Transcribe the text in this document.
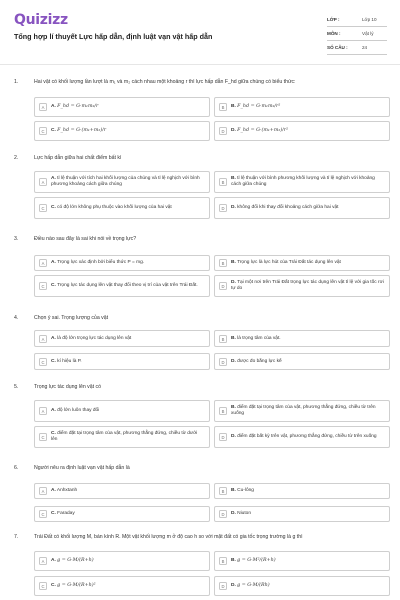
Quizizz
Tổng hợp lí thuyết Lực hấp dẫn, định luật vạn vật hấp dẫn
LỚP :	Lớp 10
MÔN :	Vật lý
SỐ CÂU :	24
1.	Hai vật có khối lượng lần lượt là m₁ và m₂ cách nhau một khoảng r thì lực hấp dẫn F_hd giữa chúng có biểu thức:
A	A. F_hd = G·m₁m₂/r	B	B. F_hd = G·m₁m₂/r²
C	C. F_hd = G·(m₁+m₂)/r	D	D. F_hd = G·(m₁+m₂)/r²
2.	Lực hấp dẫn giữa hai chất điểm bất kì
A
A. tỉ lệ thuận với tích hai khối lượng của chúng và tỉ lệ nghịch với bình phương khoảng cách giữa chúng	B
B. tỉ lệ thuận với bình phương khối lượng và tỉ lệ nghịch với khoảng cách giữa chúng
C	C. có độ lớn không phụ thuộc vào khối lượng của hai vật	D	D. không đổi khi thay đổi khoảng cách giữa hai vật
3.	Điều nào sau đây là sai khi nói về trọng lực?
A	A. Trọng lực xác định bởi biểu thức P = mg.	B	B. Trọng lực là lực hút của Trái Đất tác dụng lên vật
C	C. Trọng lực tác dụng lên vật thay đổi theo vị trí của vật trên Trái Đất.	D
D. Tại một nơi trên Trái Đất trọng lực tác dụng lên vật tỉ lệ với gia tốc rơi tự do
4.	Chọn ý sai. Trọng lượng của vật
A	A. là độ lớn trọng lực tác dụng lên vật	B	B. là trọng tâm của vật.
C	C. kí hiệu là P.	D	D. được đo bằng lực kế
5.	Trọng lực tác dụng lên vật có
A	A. độ lớn luôn thay đổi	B
B. điểm đặt tại trọng tâm của vật, phương thẳng đứng, chiều từ trên xuống
C
C. điểm đặt tại trọng tâm của vật, phương thẳng đứng, chiều từ dưới lên	D	D. điểm đặt bất kỳ trên vật, phương thẳng đứng, chiều từ trên xuống
6.	Người nêu ra định luật vạn vật hấp dẫn là
A	A. Anhxtanh	B	B. Cu-lông
C	C. Faraday	D	D. Niuton
7.	Trái Đất có khối lượng M, bán kính R. Một vật khối lượng m ở độ cao h so với mặt đất có gia tốc trọng trường là g thì
A	A. g = G·M/(R+h)	B	B. g = G·M²/(R+h)
C	C. g = G·M/(R+h)²	D	D. g = G·M/(Rh)
